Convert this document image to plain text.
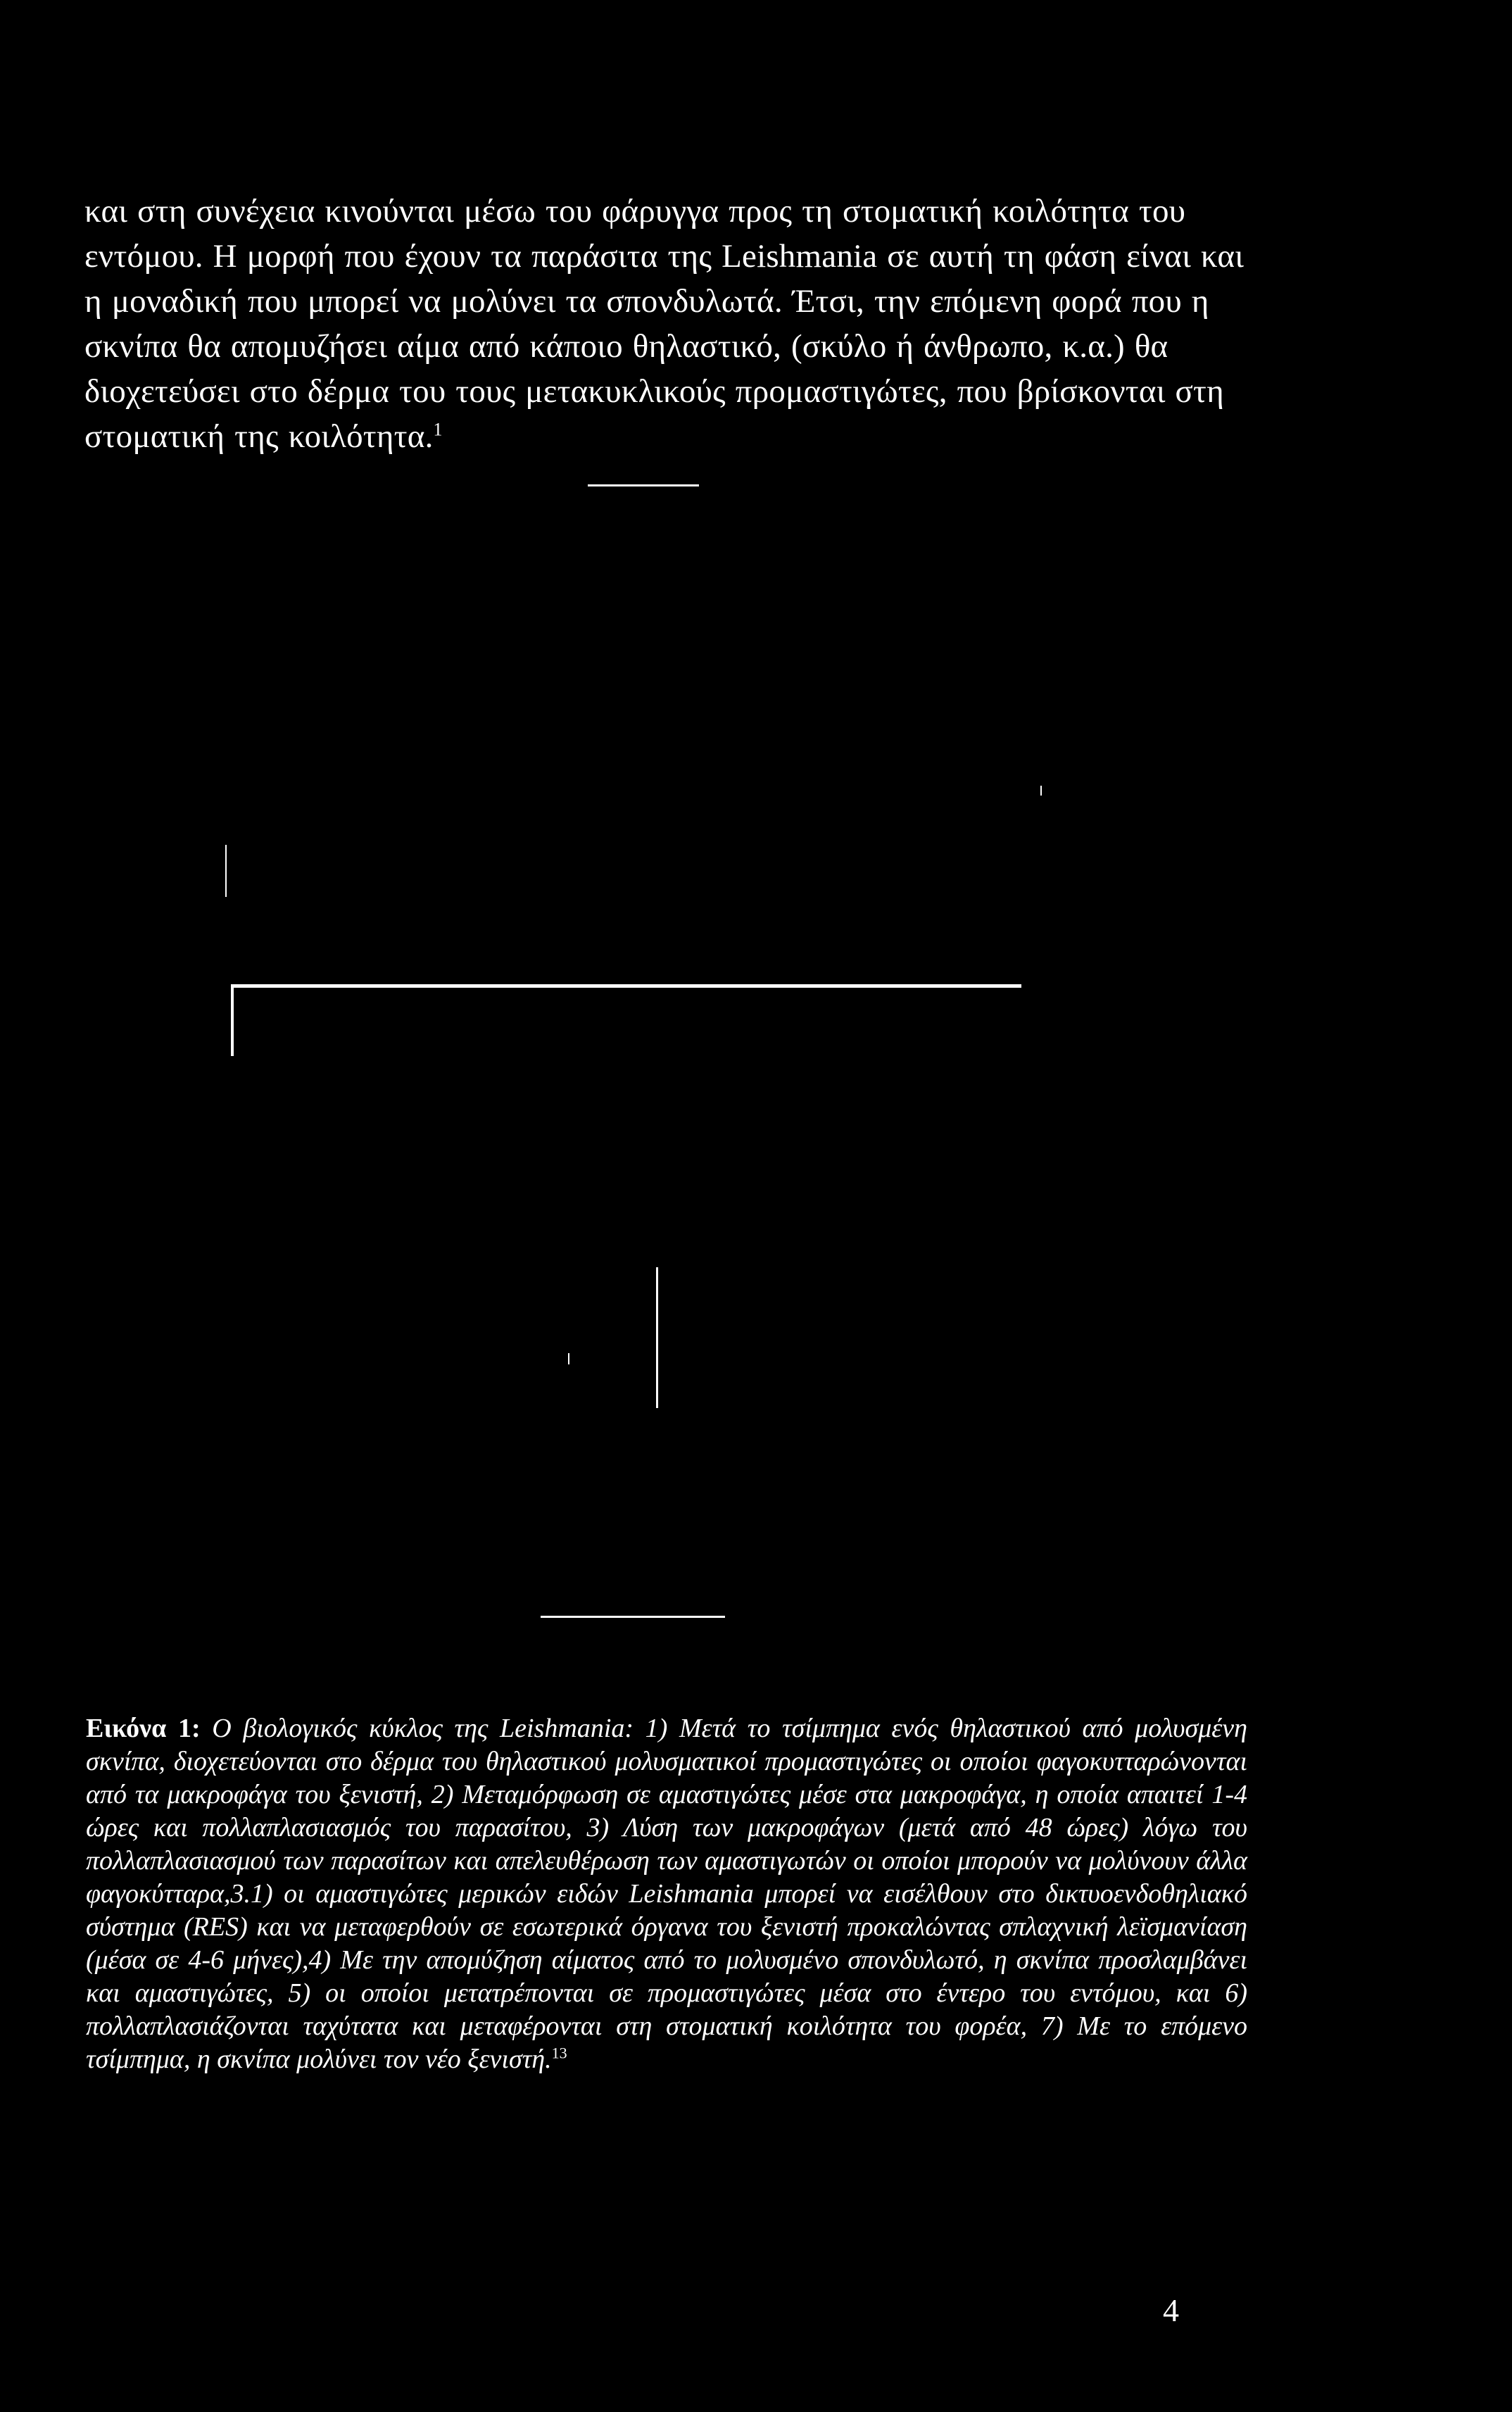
και στη συνέχεια κινούνται μέσω του φάρυγγα προς τη στοματική κοιλότητα του εντόμου. Η μορφή που έχουν τα παράσιτα της Leishmania σε αυτή τη φάση είναι και η μοναδική που μπορεί να μολύνει τα σπονδυλωτά. Έτσι, την επόμενη φορά που η σκνίπα θα απομυζήσει αίμα από κάποιο θηλαστικό, (σκύλο ή άνθρωπο, κ.α.) θα διοχετεύσει στο δέρμα του τους μετακυκλικούς προμαστιγώτες, που βρίσκονται στη στοματική της κοιλότητα.$^1$

Εικόνα 1: Ο βιολογικός κύκλος της Leishmania: 1) Μετά το τσίμπημα ενός θηλαστικού από μολυσμένη σκνίπα, διοχετεύονται στο δέρμα του θηλαστικού μολυσματικοί προμαστιγώτες οι οποίοι φαγοκυτταρώνονται από τα μακροφάγα του ξενιστή, 2) Μεταμόρφωση σε αμαστιγώτες μέσε στα μακροφάγα, η οποία απαιτεί 1-4 ώρες και πολλαπλασιασμός του παρασίτου, 3) Λύση των μακροφάγων (μετά από 48 ώρες) λόγω του πολλαπλασιασμού των παρασίτων και απελευθέρωση των αμαστιγωτών οι οποίοι μπορούν να μολύνουν άλλα φαγοκύτταρα,3.1) οι αμαστιγώτες μερικών ειδών Leishmania μπορεί να εισέλθουν στο δικτυοενδοθηλιακό σύστημα (RES) και να μεταφερθούν σε εσωτερικά όργανα του ξενιστή προκαλώντας σπλαχνική λεϊσμανίαση (μέσα σε 4-6 μήνες),4) Με την απομύζηση αίματος από το μολυσμένο σπονδυλωτό, η σκνίπα προσλαμβάνει και αμαστιγώτες, 5) οι οποίοι μετατρέπονται σε προμαστιγώτες μέσα στο έντερο του εντόμου, και 6) πολλαπλασιάζονται ταχύτατα και μεταφέρονται στη στοματική κοιλότητα του φορέα, 7) Με το επόμενο τσίμπημα, η σκνίπα μολύνει τον νέο ξενιστή.$^{13}$
4
